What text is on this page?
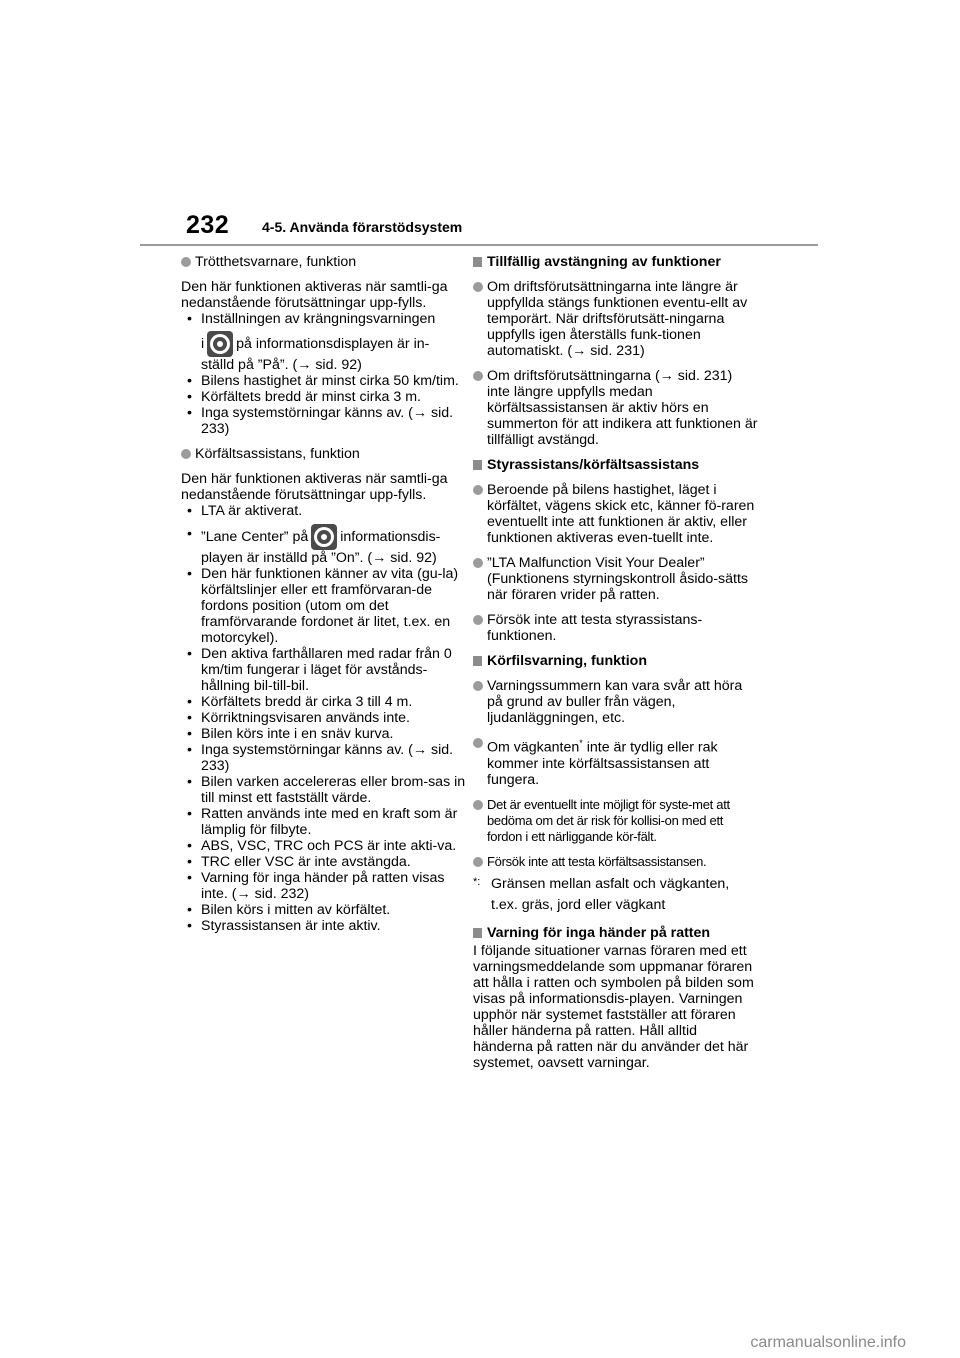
232 4-5. Använda förarstödsystem
Trötthetsvarnare, funktion
Den här funktionen aktiveras när samtli-ga nedanstående förutsättningar upp-fylls.
• Inställningen av krängningsvarningen
i på informationsdisplayen är in-
ställd på ”På”. (→ sid. 92)
• Bilens hastighet är minst cirka 50 km/tim.
• Körfältets bredd är minst cirka 3 m.
• Inga systemstörningar känns av. (→ sid. 233)
Körfältsassistans, funktion
Den här funktionen aktiveras när samtli-ga nedanstående förutsättningar upp-fylls.
• LTA är aktiverat.
• ”Lane Center” på informationsdis-
playen är inställd på ”On”. (→ sid. 92)
• Den här funktionen känner av vita (gu-la) körfältslinjer eller ett framförvaran-de fordons position (utom om det framförvarande fordonet är litet, t.ex. en motorcykel).
• Den aktiva farthållaren med radar från 0 km/tim fungerar i läget för avstånds-hållning bil-till-bil.
• Körfältets bredd är cirka 3 till 4 m.
• Körriktningsvisaren används inte.
• Bilen körs inte i en snäv kurva.
• Inga systemstörningar känns av. (→ sid. 233)
• Bilen varken accelereras eller brom-sas in till minst ett fastställt värde.
• Ratten används inte med en kraft som är lämplig för filbyte.
• ABS, VSC, TRC och PCS är inte akti-va.
• TRC eller VSC är inte avstängda.
• Varning för inga händer på ratten visas inte. (→ sid. 232)
• Bilen körs i mitten av körfältet.
• Styrassistansen är inte aktiv.
Tillfällig avstängning av funktioner
Om driftsförutsättningarna inte längre är uppfyllda stängs funktionen eventu-ellt av temporärt. När driftsförutsätt-ningarna uppfylls igen återställs funk-tionen automatiskt. (→ sid. 231)
Om driftsförutsättningarna (→ sid. 231) inte längre uppfylls medan körfältsassistansen är aktiv hörs en summerton för att indikera att funktionen är tillfälligt avstängd.
Styrassistans/körfältsassistans
Beroende på bilens hastighet, läget i körfältet, vägens skick etc, känner fö-raren eventuellt inte att funktionen är aktiv, eller funktionen aktiveras even-tuellt inte.
”LTA Malfunction Visit Your Dealer” (Funktionens styrningskontroll åsido-sätts när föraren vrider på ratten.
Försök inte att testa styrassistans-funktionen.
Körfilsvarning, funktion
Varningssummern kan vara svår att höra på grund av buller från vägen, ljudanläggningen, etc.
Om vägkanten* inte är tydlig eller rak kommer inte körfältsassistansen att fungera.
Det är eventuellt inte möjligt för syste-met att bedöma om det är risk för kollisi-on med ett fordon i ett närliggande kör-fält.
Försök inte att testa körfältsassistansen.
*: Gränsen mellan asfalt och vägkanten,
t.ex. gräs, jord eller vägkant
Varning för inga händer på ratten
I följande situationer varnas föraren med ett varningsmeddelande som uppmanar föraren att hålla i ratten och symbolen på bilden som visas på informationsdis-playen. Varningen upphör när systemet fastställer att föraren håller händerna på ratten. Håll alltid händerna på ratten när du använder det här systemet, oavsett varningar.
carmanualsonline.info
